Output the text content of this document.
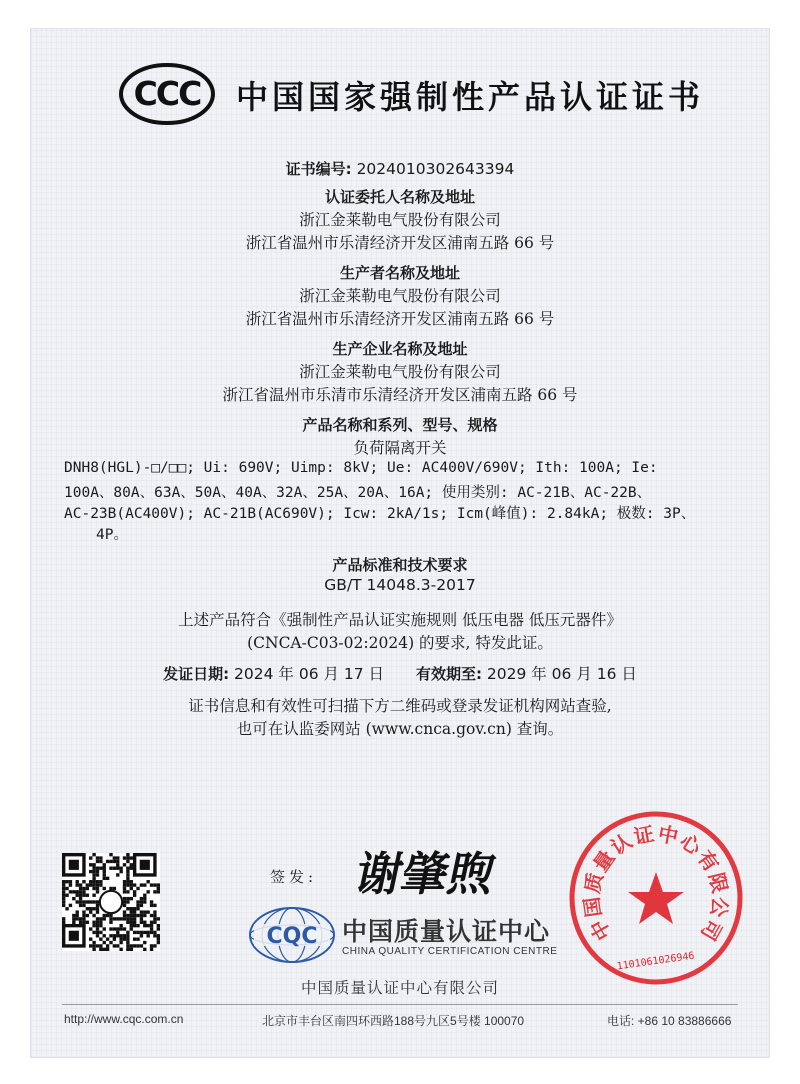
CCC 中国国家强制性产品认证证书
证书编号: 2024010302643394
认证委托人名称及地址
浙江金莱勒电气股份有限公司
浙江省温州市乐清经济开发区浦南五路 66 号
生产者名称及地址
浙江金莱勒电气股份有限公司
浙江省温州市乐清经济开发区浦南五路 66 号
生产企业名称及地址
浙江金莱勒电气股份有限公司
浙江省温州市乐清市乐清经济开发区浦南五路 66 号
产品名称和系列、型号、规格
负荷隔离开关
DNH8(HGL)-□/□□; Ui: 690V; Uimp: 8kV; Ue: AC400V/690V; Ith: 100A; Ie:
100A、80A、63A、50A、40A、32A、25A、20A、16A; 使用类别: AC-21B、AC-22B、
AC-23B(AC400V); AC-21B(AC690V); Icw: 2kA/1s; Icm(峰值): 2.84kA; 极数: 3P、
4P。
产品标准和技术要求
GB/T 14048.3-2017
上述产品符合《强制性产品认证实施规则 低压电器 低压元器件》
(CNCA-C03-02:2024) 的要求, 特发此证。
发证日期: 2024 年 06 月 17 日 有效期至: 2029 年 06 月 16 日
证书信息和有效性可扫描下方二维码或登录发证机构网站查验,
也可在认监委网站 (www.cnca.gov.cn) 查询。
签发: 谢肇煦
CQC 中国质量认证中心
CHINA QUALITY CERTIFICATION CENTRE
中国质量认证中心有限公司
中
国
质
量
认
证 中
心
有
限
公
司
1101061026946
http://www.cqc.com.cn	北京市丰台区南四环西路188号九区5号楼 100070	电话: +86 10 83886666
